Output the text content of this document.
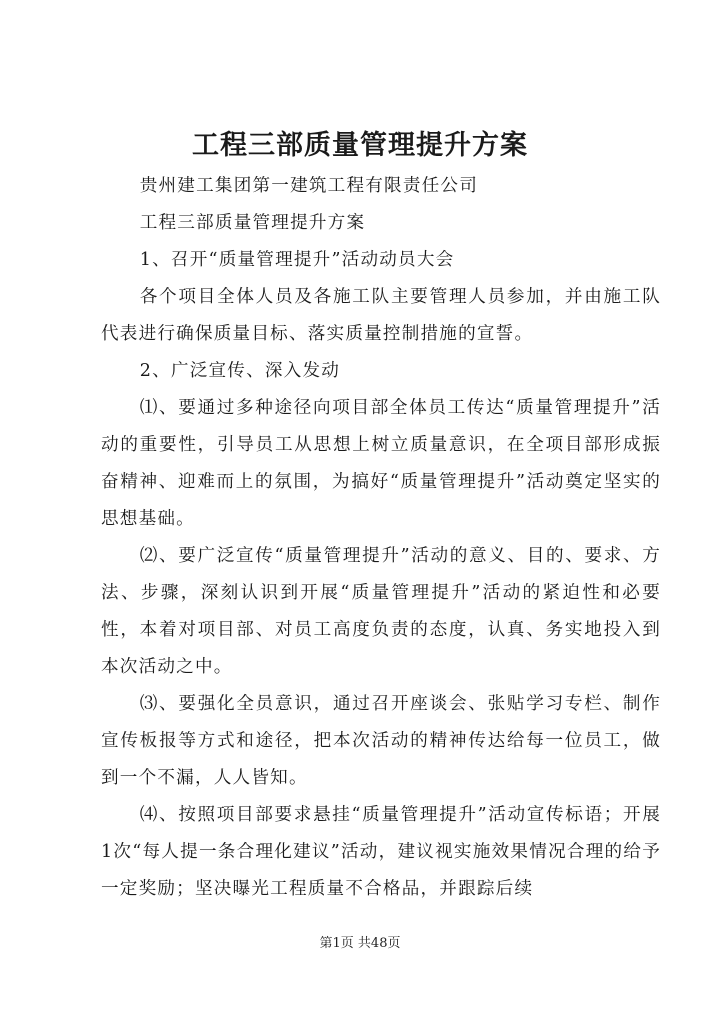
工程三部质量管理提升方案

贵州建工集团第一建筑工程有限责任公司

工程三部质量管理提升方案

1、召开“质量管理提升”活动动员大会

各个项目全体人员及各施工队主要管理人员参加，并由施工队代表进行确保质量目标、落实质量控制措施的宣誓。

2、广泛宣传、深入发动

⑴、要通过多种途径向项目部全体员工传达“质量管理提升”活动的重要性，引导员工从思想上树立质量意识，在全项目部形成振奋精神、迎难而上的氛围，为搞好“质量管理提升”活动奠定坚实的思想基础。

⑵、要广泛宣传“质量管理提升”活动的意义、目的、要求、方法、步骤，深刻认识到开展“质量管理提升”活动的紧迫性和必要性，本着对项目部、对员工高度负责的态度，认真、务实地投入到本次活动之中。

⑶、要强化全员意识，通过召开座谈会、张贴学习专栏、制作宣传板报等方式和途径，把本次活动的精神传达给每一位员工，做到一个不漏，人人皆知。

⑷、按照项目部要求悬挂“质量管理提升”活动宣传标语；开展1次“每人提一条合理化建议”活动，建议视实施效果情况合理的给予一定奖励；坚决曝光工程质量不合格品，并跟踪后续

第1页 共48页
